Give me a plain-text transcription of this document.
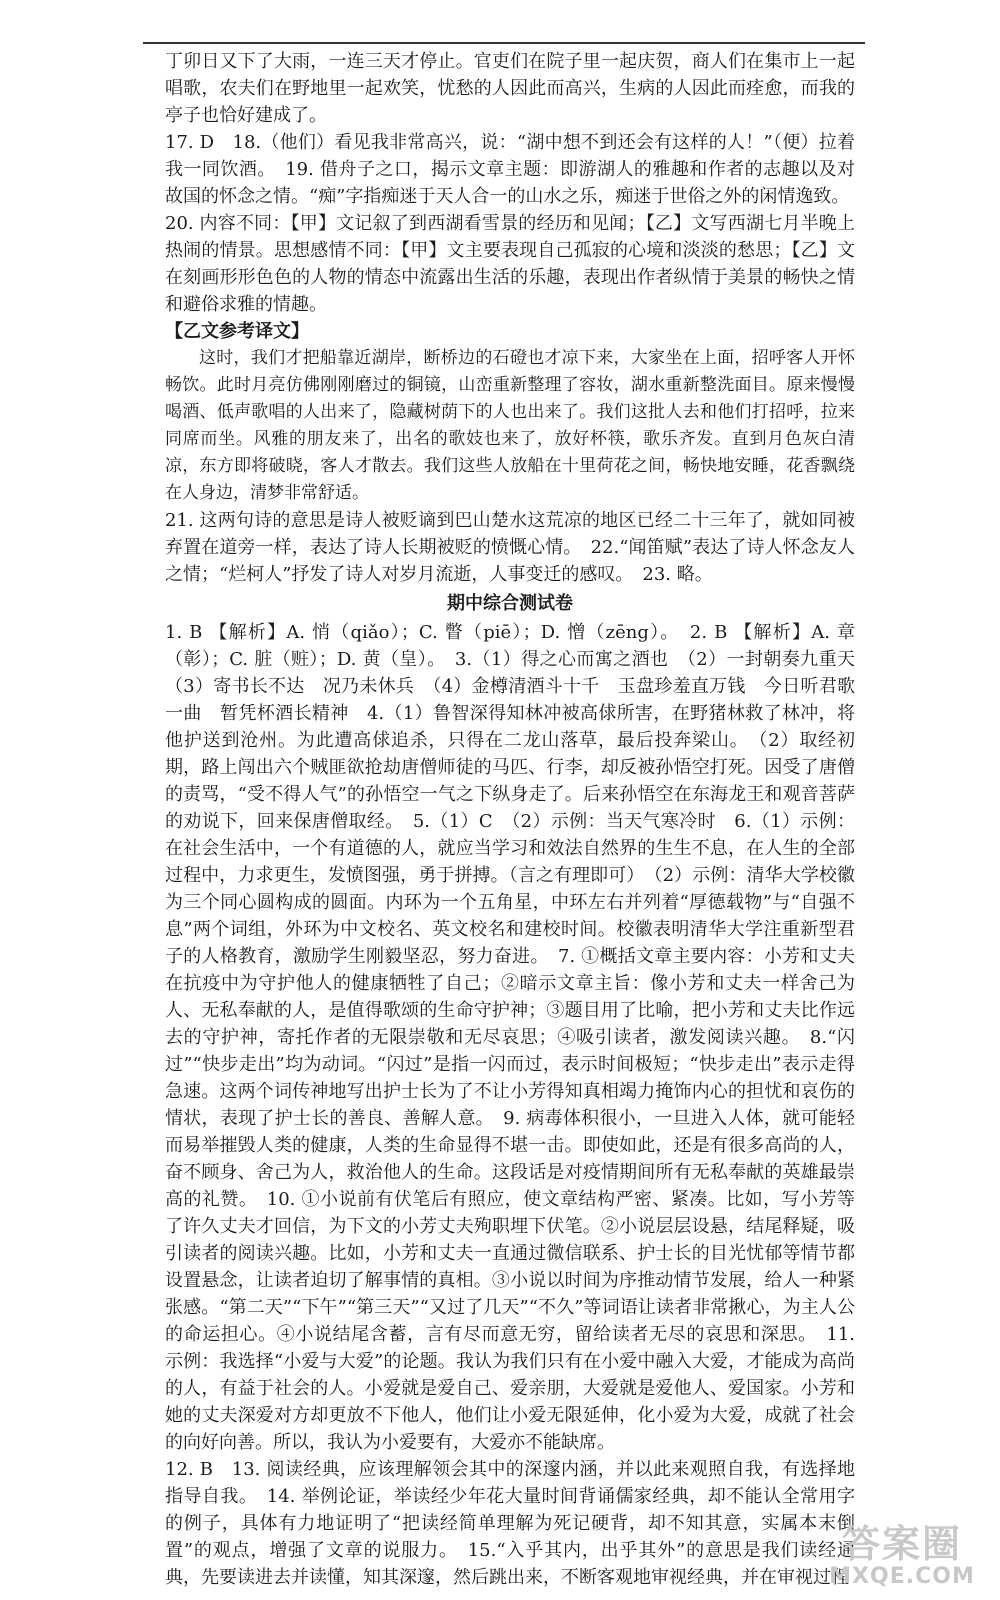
丁卯日又下了大雨，一连三天才停止。官吏们在院子里一起庆贺，商人们在集市上一起唱歌，农夫们在野地里一起欢笑，忧愁的人因此而高兴，生病的人因此而痊愈，而我的亭子也恰好建成了。

17. D　18.（他们）看见我非常高兴，说：“湖中想不到还会有这样的人！”（便）拉着我一同饮酒。　19. 借舟子之口，揭示文章主题：即游湖人的雅趣和作者的志趣以及对故国的怀念之情。“痴”字指痴迷于天人合一的山水之乐，痴迷于世俗之外的闲情逸致。

20. 内容不同：【甲】文记叙了到西湖看雪景的经历和见闻；【乙】文写西湖七月半晚上热闹的情景。思想感情不同：【甲】文主要表现自己孤寂的心境和淡淡的愁思；【乙】文在刻画形形色色的人物的情态中流露出生活的乐趣，表现出作者纵情于美景的畅快之情和避俗求雅的情趣。

【乙文参考译文】

这时，我们才把船靠近湖岸，断桥边的石磴也才凉下来，大家坐在上面，招呼客人开怀畅饮。此时月亮仿佛刚刚磨过的铜镜，山峦重新整理了容妆，湖水重新整洗面目。原来慢慢喝酒、低声歌唱的人出来了，隐藏树荫下的人也出来了。我们这批人去和他们打招呼，拉来同席而坐。风雅的朋友来了，出名的歌妓也来了，放好杯筷，歌乐齐发。直到月色灰白清凉，东方即将破晓，客人才散去。我们这些人放船在十里荷花之间，畅快地安睡，花香飘绕在人身边，清梦非常舒适。

21. 这两句诗的意思是诗人被贬谪到巴山楚水这荒凉的地区已经二十三年了，就如同被弃置在道旁一样，表达了诗人长期被贬的愤慨心情。　22.“闻笛赋”表达了诗人怀念友人之情；“烂柯人”抒发了诗人对岁月流逝，人事变迁的感叹。　23. 略。

期中综合测试卷

1. B 【解析】A. 悄（qiǎo）；C. 瞥（piē）；D. 憎（zēng）。　2. B 【解析】A. 章（彰）；C. 脏（赃）；D. 黄（皇）。　3.（1）得之心而寓之酒也　（2）一封朝奏九重天　（3）寄书长不达　况乃未休兵　（4）金樽清酒斗十千　玉盘珍羞直万钱　今日听君歌一曲　暂凭杯酒长精神　4.（1）鲁智深得知林冲被高俅所害，在野猪林救了林冲，将他护送到沧州。为此遭高俅追杀，只得在二龙山落草，最后投奔梁山。　（2）取经初期，路上闯出六个贼匪欲抢劫唐僧师徒的马匹、行李，却反被孙悟空打死。因受了唐僧的责骂，“受不得人气”的孙悟空一气之下纵身走了。后来孙悟空在东海龙王和观音菩萨的劝说下，回来保唐僧取经。　5.（1）C　（2）示例：当天气寒冷时　6.（1）示例：在社会生活中，一个有道德的人，就应当学习和效法自然界的生生不息，在人生的全部过程中，力求更生，发愤图强，勇于拼搏。（言之有理即可）　（2）示例：清华大学校徽为三个同心圆构成的圆面。内环为一个五角星，中环左右并列着“厚德载物”与“自强不息”两个词组，外环为中文校名、英文校名和建校时间。校徽表明清华大学注重新型君子的人格教育，激励学生刚毅坚忍，努力奋进。　7. ①概括文章主要内容：小芳和丈夫在抗疫中为守护他人的健康牺牲了自己；②暗示文章主旨：像小芳和丈夫一样舍己为人、无私奉献的人，是值得歌颂的生命守护神；③题目用了比喻，把小芳和丈夫比作远去的守护神，寄托作者的无限崇敬和无尽哀思；④吸引读者，激发阅读兴趣。　8.“闪过”“快步走出”均为动词。“闪过”是指一闪而过，表示时间极短；“快步走出”表示走得急速。这两个词传神地写出护士长为了不让小芳得知真相竭力掩饰内心的担忧和哀伤的情状，表现了护士长的善良、善解人意。　9. 病毒体积很小，一旦进入人体，就可能轻而易举摧毁人类的健康，人类的生命显得不堪一击。即使如此，还是有很多高尚的人，奋不顾身、舍己为人，救治他人的生命。这段话是对疫情期间所有无私奉献的英雄最崇高的礼赞。　10. ①小说前有伏笔后有照应，使文章结构严密、紧凑。比如，写小芳等了许久丈夫才回信，为下文的小芳丈夫殉职埋下伏笔。②小说层层设悬，结尾释疑，吸引读者的阅读兴趣。比如，小芳和丈夫一直通过微信联系、护士长的目光忧郁等情节都设置悬念，让读者迫切了解事情的真相。③小说以时间为序推动情节发展，给人一种紧张感。“第二天”“下午”“第三天”“又过了几天”“不久”等词语让读者非常揪心，为主人公的命运担心。④小说结尾含蓄，言有尽而意无穷，留给读者无尽的哀思和深思。　11. 示例：我选择“小爱与大爱”的论题。我认为我们只有在小爱中融入大爱，才能成为高尚的人，有益于社会的人。小爱就是爱自己、爱亲朋，大爱就是爱他人、爱国家。小芳和她的丈夫深爱对方却更放不下他人，他们让小爱无限延伸，化小爱为大爱，成就了社会的向好向善。所以，我认为小爱要有，大爱亦不能缺席。

12. B　13. 阅读经典，应该理解领会其中的深邃内涵，并以此来观照自我，有选择地指导自我。　14. 举例论证，举读经少年花大量时间背诵儒家经典，却不能认全常用字的例子，具体有力地证明了“把读经简单理解为死记硬背，却不知其意，实属本末倒置”的观点，增强了文章的说服力。　15.“入乎其内，出乎其外”的意思是我们读经通典，先要读进去并读懂，知其深邃，然后跳出来，不断客观地审视经典，并在审视过程

答案圈
MXQE.COM
